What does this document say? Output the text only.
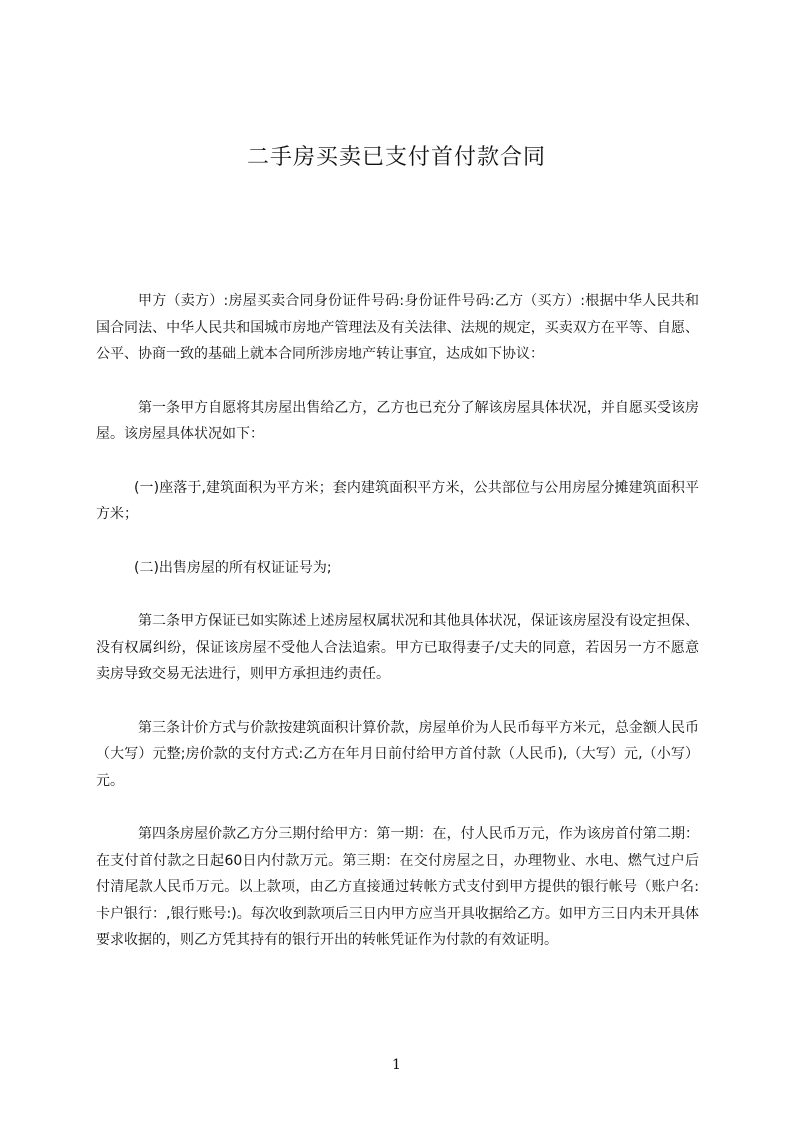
二手房买卖已支付首付款合同

甲方（卖方）:房屋买卖合同身份证件号码:身份证件号码:乙方（买方）:根据中华人民共和国合同法、中华人民共和国城市房地产管理法及有关法律、法规的规定，买卖双方在平等、自愿、公平、协商一致的基础上就本合同所涉房地产转让事宜，达成如下协议：

第一条甲方自愿将其房屋出售给乙方，乙方也已充分了解该房屋具体状况，并自愿买受该房屋。该房屋具体状况如下：

(一)座落于,建筑面积为平方米；套内建筑面积平方米，公共部位与公用房屋分摊建筑面积平方米；

(二)出售房屋的所有权证证号为;

第二条甲方保证已如实陈述上述房屋权属状况和其他具体状况，保证该房屋没有设定担保、没有权属纠纷，保证该房屋不受他人合法追索。甲方已取得妻子/丈夫的同意，若因另一方不愿意卖房导致交易无法进行，则甲方承担违约责任。

第三条计价方式与价款按建筑面积计算价款，房屋单价为人民币每平方米元，总金额人民币（大写）元整;房价款的支付方式:乙方在年月日前付给甲方首付款（人民币),（大写）元,（小写）元。

第四条房屋价款乙方分三期付给甲方：第一期：在，付人民币万元，作为该房首付第二期：在支付首付款之日起60日内付款万元。第三期：在交付房屋之日，办理物业、水电、燃气过户后付清尾款人民币万元。以上款项，由乙方直接通过转帐方式支付到甲方提供的银行帐号（账户名:卡户银行：,银行账号:)。每次收到款项后三日内甲方应当开具收据给乙方。如甲方三日内未开具体要求收据的，则乙方凭其持有的银行开出的转帐凭证作为付款的有效证明。

1
